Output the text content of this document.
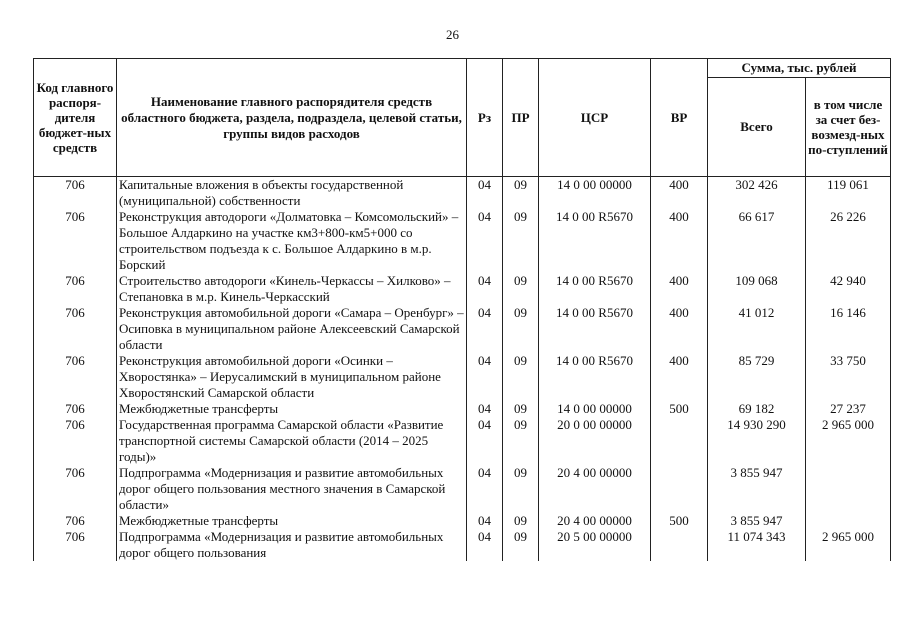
26
Код главного распоря-дителя бюджет-ных средств	Наименование главного распорядителя средств областного бюджета, раздела, подраздела, целевой статьи, группы видов расходов	Рз	ПР	ЦСР	ВР	Сумма, тыс. рублей	
						Всего	в том числе за счет без-возмезд-ных по-ступлений
706	Капитальные вложения в объекты государственной (муниципальной) собственности	04	09	14 0 00 00000	400	302 426	119 061
706	Реконструкция автодороги «Долматовка – Комсомольский» – Большое Алдаркино на участке км3+800-км5+000 со строительством подъезда к с. Большое Алдаркино в м.р. Борский	04	09	14 0 00 R5670	400	66 617	26 226
706	Строительство автодороги «Кинель-Черкассы – Хилково» – Степановка в м.р. Кинель-Черкасский	04	09	14 0 00 R5670	400	109 068	42 940
706	Реконструкция автомобильной дороги «Самара – Оренбург» – Осиповка в муниципальном районе Алексеевский Самарской области	04	09	14 0 00 R5670	400	41 012	16 146
706	Реконструкция автомобильной дороги «Осинки – Хворостянка» – Иерусалимский в муниципальном районе Хворостянский Самарской области	04	09	14 0 00 R5670	400	85 729	33 750
706	Межбюджетные трансферты	04	09	14 0 00 00000	500	69 182	27 237
706	Государственная программа Самарской области «Развитие транспортной системы Самарской области (2014 – 2025 годы)»	04	09	20 0 00 00000		14 930 290	2 965 000
706	Подпрограмма «Модернизация и развитие автомобильных дорог общего пользования местного значения в Самарской области»	04	09	20 4 00 00000		3 855 947	
706	Межбюджетные трансферты	04	09	20 4 00 00000	500	3 855 947	
706	Подпрограмма «Модернизация и развитие автомобильных дорог общего пользования	04	09	20 5 00 00000		11 074 343	2 965 000
